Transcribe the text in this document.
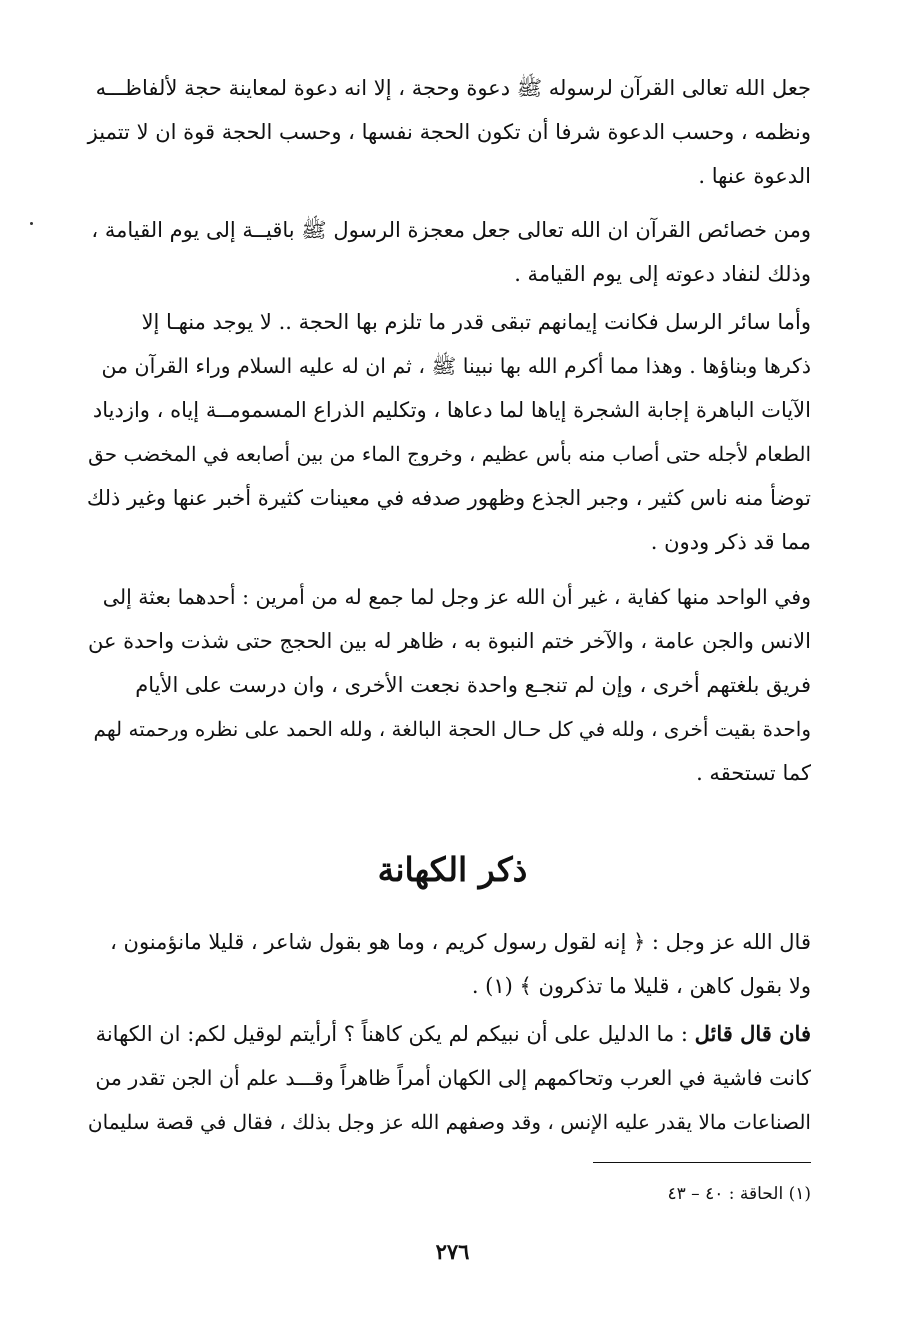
جعل الله تعالى القرآن لرسوله ﷺ دعوة وحجة ، إلا انه دعوة لمعاينة حجة لألفاظـــه
ونظمه ، وحسب الدعوة شرفا أن تكون الحجة نفسها ، وحسب الحجة قوة ان لا تتميز
الدعوة عنها .
ومن خصائص القرآن ان الله تعالى جعل معجزة الرسول ﷺ باقيــة إلى يوم القيامة ،
وذلك لنفاد دعوته إلى يوم القيامة .
وأما سائر الرسل فكانت إيمانهم تبقى قدر ما تلزم بها الحجة .. لا يوجد منهـا إلا
ذكرها وبناؤها . وهذا مما أكرم الله بها نبينا ﷺ ، ثم ان له عليه السلام وراء القرآن من
الآيات الباهرة إجابة الشجرة إياها لما دعاها ، وتكليم الذراع المسمومــة إياه ، وازدياد
الطعام لأجله حتى أصاب منه بأس عظيم ، وخروج الماء من بين أصابعه في المخضب حق
توضأ منه ناس كثير ، وجبر الجذع وظهور صدفه في معينات كثيرة أخبر عنها وغير ذلك
مما قد ذكر ودون .
وفي الواحد منها كفاية ، غير أن الله عز وجل لما جمع له من أمرين : أحدهما بعثة إلى
الانس والجن عامة ، والآخر ختم النبوة به ، ظاهر له بين الحجج حتى شذت واحدة عن
فريق بلغتهم أخرى ، وإن لم تنجـع واحدة نجعت الأخرى ، وان درست على الأيام
واحدة بقيت أخرى ، ولله في كل حـال الحجة البالغة ، ولله الحمد على نظره ورحمته لهم
كما تستحقه .
ذكر الكهانة
قال الله عز وجل : ﴿ إنه لقول رسول كريم ، وما هو بقول شاعر ، قليلا مانؤمنون ،
ولا بقول كاهن ، قليلا ما تذكرون ﴾ (١) .
فان قال قائل : ما الدليل على أن نبيكم لم يكن كاهناً ؟ أرأيتم لوقيل لكم: ان الكهانة
كانت فاشية في العرب وتحاكمهم إلى الكهان أمراً ظاهراً وقـــد علم أن الجن تقدر من
الصناعات مالا يقدر عليه الإنس ، وقد وصفهم الله عز وجل بذلك ، فقال في قصة سليمان
(١) الحاقة : ٤٠ – ٤٣
٢٧٦
